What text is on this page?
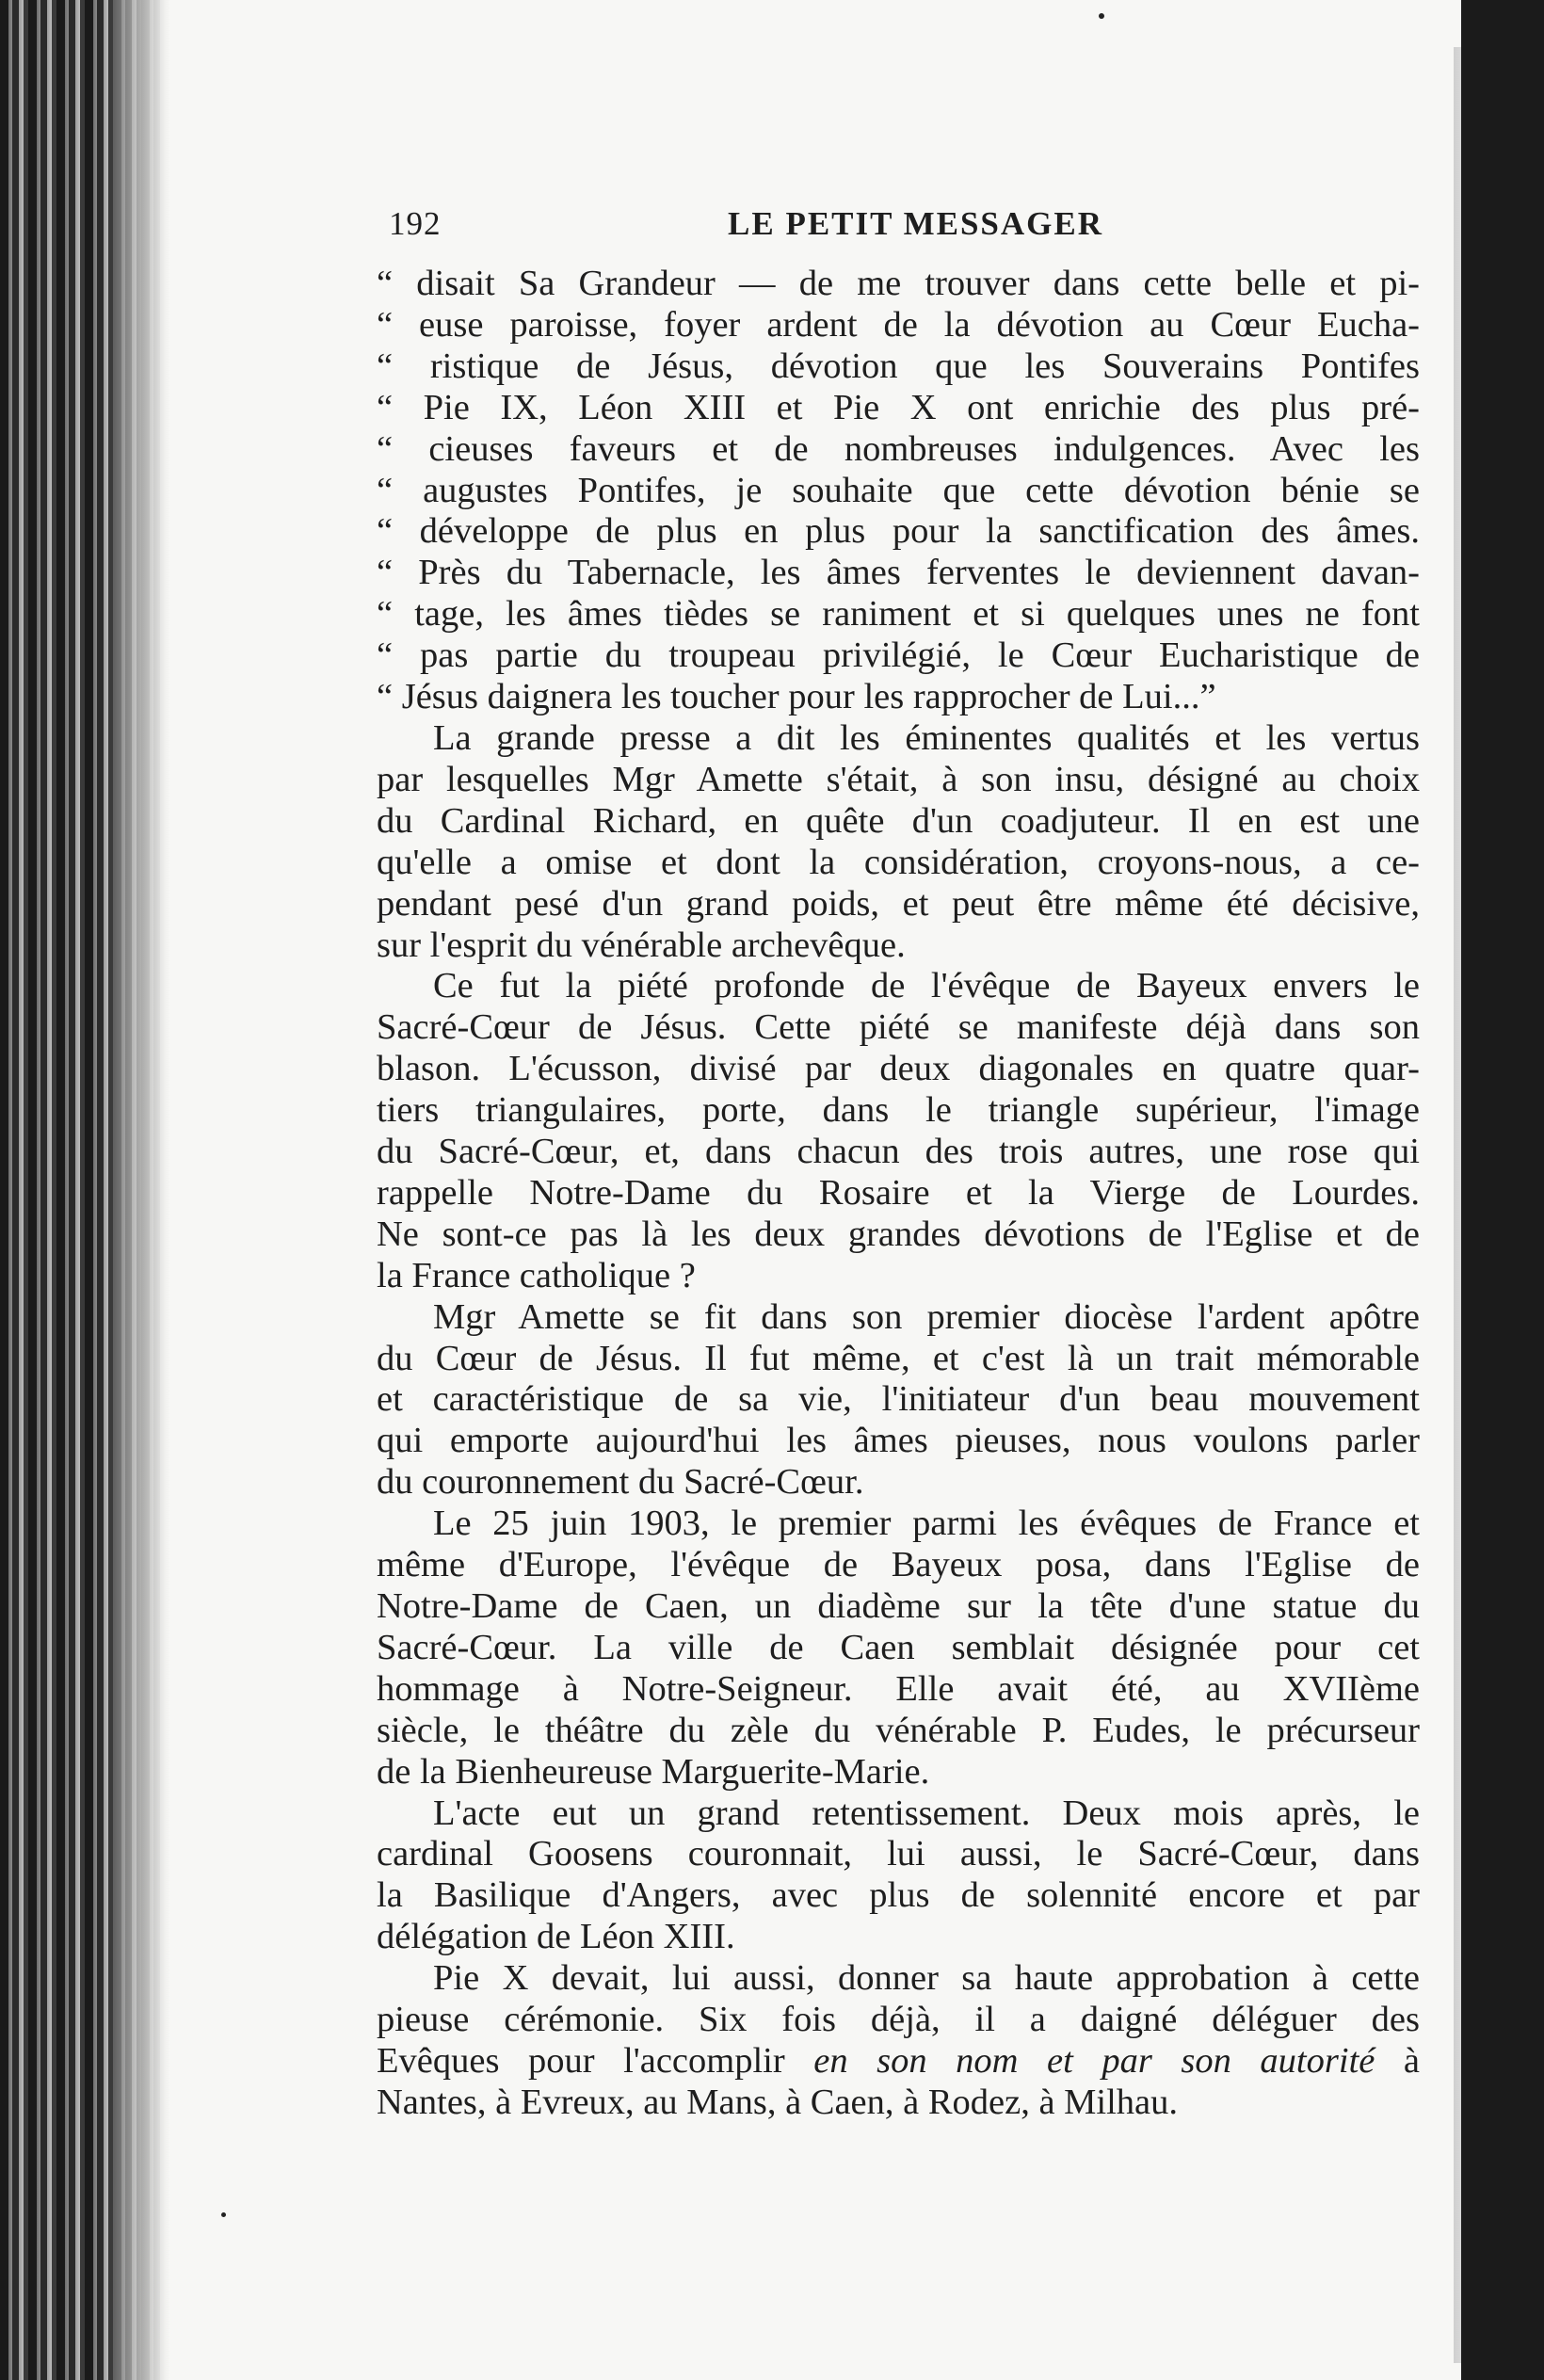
192	LE PETIT MESSAGER

“ disait Sa Grandeur — de me trouver dans cette belle et pi-

“ euse paroisse, foyer ardent de la dévotion au Cœur Eucha-

“ ristique de Jésus, dévotion que les Souverains Pontifes

“ Pie IX, Léon XIII et Pie X ont enrichie des plus pré-

“ cieuses faveurs et de nombreuses indulgences. Avec les

“ augustes Pontifes, je souhaite que cette dévotion bénie se

“ développe de plus en plus pour la sanctification des âmes.

“ Près du Tabernacle, les âmes ferventes le deviennent davan-

“ tage, les âmes tièdes se raniment et si quelques unes ne font

“ pas partie du troupeau privilégié, le Cœur Eucharistique de

“ Jésus daignera les toucher pour les rapprocher de Lui...”

La grande presse a dit les éminentes qualités et les vertus

par lesquelles Mgr Amette s'était, à son insu, désigné au choix

du Cardinal Richard, en quête d'un coadjuteur. Il en est une

qu'elle a omise et dont la considération, croyons-nous, a ce-

pendant pesé d'un grand poids, et peut être même été décisive,

sur l'esprit du vénérable archevêque.

Ce fut la piété profonde de l'évêque de Bayeux envers le

Sacré-Cœur de Jésus. Cette piété se manifeste déjà dans son

blason. L'écusson, divisé par deux diagonales en quatre quar-

tiers triangulaires, porte, dans le triangle supérieur, l'image

du Sacré-Cœur, et, dans chacun des trois autres, une rose qui

rappelle Notre-Dame du Rosaire et la Vierge de Lourdes.

Ne sont-ce pas là les deux grandes dévotions de l'Eglise et de

la France catholique ?

Mgr Amette se fit dans son premier diocèse l'ardent apôtre

du Cœur de Jésus. Il fut même, et c'est là un trait mémorable

et caractéristique de sa vie, l'initiateur d'un beau mouvement

qui emporte aujourd'hui les âmes pieuses, nous voulons parler

du couronnement du Sacré-Cœur.

Le 25 juin 1903, le premier parmi les évêques de France et

même d'Europe, l'évêque de Bayeux posa, dans l'Eglise de

Notre-Dame de Caen, un diadème sur la tête d'une statue du

Sacré-Cœur. La ville de Caen semblait désignée pour cet

hommage à Notre-Seigneur. Elle avait été, au XVIIème

siècle, le théâtre du zèle du vénérable P. Eudes, le précurseur

de la Bienheureuse Marguerite-Marie.

L'acte eut un grand retentissement. Deux mois après, le

cardinal Goosens couronnait, lui aussi, le Sacré-Cœur, dans

la Basilique d'Angers, avec plus de solennité encore et par

délégation de Léon XIII.

Pie X devait, lui aussi, donner sa haute approbation à cette

pieuse cérémonie. Six fois déjà, il a daigné déléguer des

Evêques pour l'accomplir en son nom et par son autorité à

Nantes, à Evreux, au Mans, à Caen, à Rodez, à Milhau.
